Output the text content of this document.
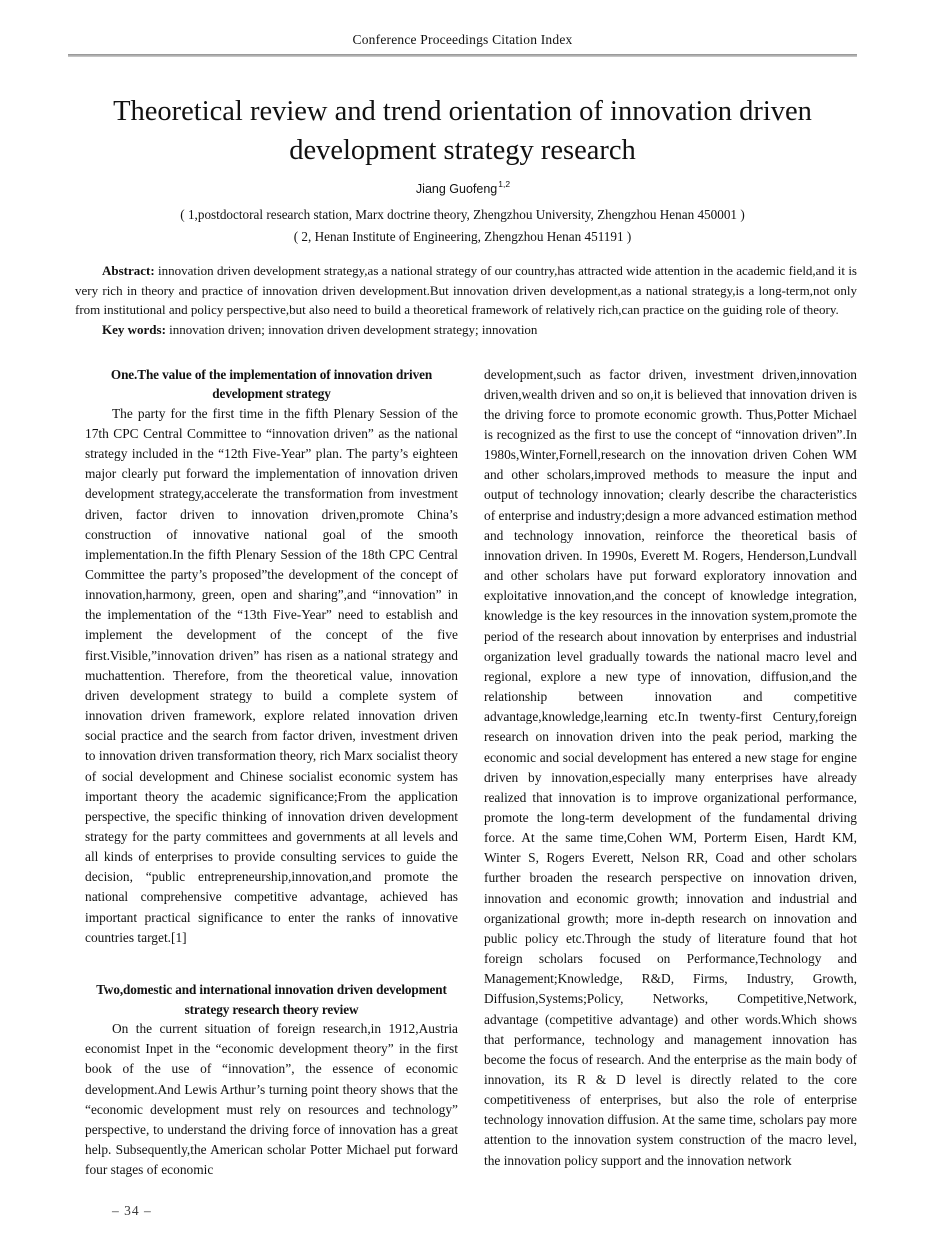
Conference Proceedings Citation Index
Theoretical review and trend orientation of innovation driven development strategy research
Jiang Guofeng$^{1,2}$
( 1,postdoctoral research station, Marx doctrine theory, Zhengzhou University, Zhengzhou Henan 450001 )
( 2, Henan Institute of Engineering, Zhengzhou Henan 451191 )

Abstract: innovation driven development strategy,as a national strategy of our country,has attracted wide attention in the academic field,and it is very rich in theory and practice of innovation driven development.But innovation driven development,as a national strategy,is a long-term,not only from institutional and policy perspective,but also need to build a theoretical framework of relatively rich,can practice on the guiding role of theory.

Key words: innovation driven; innovation driven development strategy; innovation

One.The value of the implementation of innovation driven development strategy

The party for the first time in the fifth Plenary Session of the 17th CPC Central Committee to “innovation driven” as the national strategy included in the “12th Five-Year” plan. The party’s eighteen major clearly put forward the implementation of innovation driven development strategy,accelerate the transformation from investment driven, factor driven to innovation driven,promote China’s construction of innovative national goal of the smooth implementation.In the fifth Plenary Session of the 18th CPC Central Committee the party’s proposed”the development of the concept of innovation,harmony, green, open and sharing”,and “innovation” in the implementation of the “13th Five-Year” need to establish and implement the development of the concept of the five first.Visible,”innovation driven” has risen as a national strategy and muchattention. Therefore, from the theoretical value, innovation driven development strategy to build a complete system of innovation driven framework, explore related innovation driven social practice and the search from factor driven, investment driven to innovation driven transformation theory, rich Marx socialist theory of social development and Chinese socialist economic system has important theory the academic significance;From the application perspective, the specific thinking of innovation driven development strategy for the party committees and governments at all levels and all kinds of enterprises to provide consulting services to guide the decision, “public entrepreneurship,innovation,and promote the national comprehensive competitive advantage, achieved has important practical significance to enter the ranks of innovative countries target.[1]

Two,domestic and international innovation driven development strategy research theory review

On the current situation of foreign research,in 1912,Austria economist Inpet in the “economic development theory” in the first book of the use of “innovation”, the essence of economic development.And Lewis Arthur’s turning point theory shows that the “economic development must rely on resources and technology” perspective, to understand the driving force of innovation has a great help. Subsequently,the American scholar Potter Michael put forward four stages of economic

development,such as factor driven, investment driven,innovation driven,wealth driven and so on,it is believed that innovation driven is the driving force to promote economic growth. Thus,Potter Michael is recognized as the first to use the concept of “innovation driven”.In 1980s,Winter,Fornell,research on the innovation driven Cohen WM and other scholars,improved methods to measure the input and output of technology innovation; clearly describe the characteristics of enterprise and industry;design a more advanced estimation method and technology innovation, reinforce the theoretical basis of innovation driven. In 1990s, Everett M. Rogers, Henderson,Lundvall and other scholars have put forward exploratory innovation and exploitative innovation,and the concept of knowledge integration, knowledge is the key resources in the innovation system,promote the period of the research about innovation by enterprises and industrial organization level gradually towards the national macro level and regional, explore a new type of innovation, diffusion,and the relationship between innovation and competitive advantage,knowledge,learning etc.In twenty-first Century,foreign research on innovation driven into the peak period, marking the economic and social development has entered a new stage for engine driven by innovation,especially many enterprises have already realized that innovation is to improve organizational performance, promote the long-term development of the fundamental driving force. At the same time,Cohen WM, Porterm Eisen, Hardt KM, Winter S, Rogers Everett, Nelson RR, Coad and other scholars further broaden the research perspective on innovation driven, innovation and economic growth; innovation and industrial and organizational growth; more in-depth research on innovation and public policy etc.Through the study of literature found that hot foreign scholars focused on Performance,Technology and Management;Knowledge, R&D, Firms, Industry, Growth, Diffusion,Systems;Policy, Networks, Competitive,Network, advantage (competitive advantage) and other words.Which shows that performance, technology and management innovation has become the focus of research. And the enterprise as the main body of innovation, its R & D level is directly related to the core competitiveness of enterprises, but also the role of enterprise technology innovation diffusion. At the same time, scholars pay more attention to the innovation system construction of the macro level, the innovation policy support and the innovation network

– 34 –
